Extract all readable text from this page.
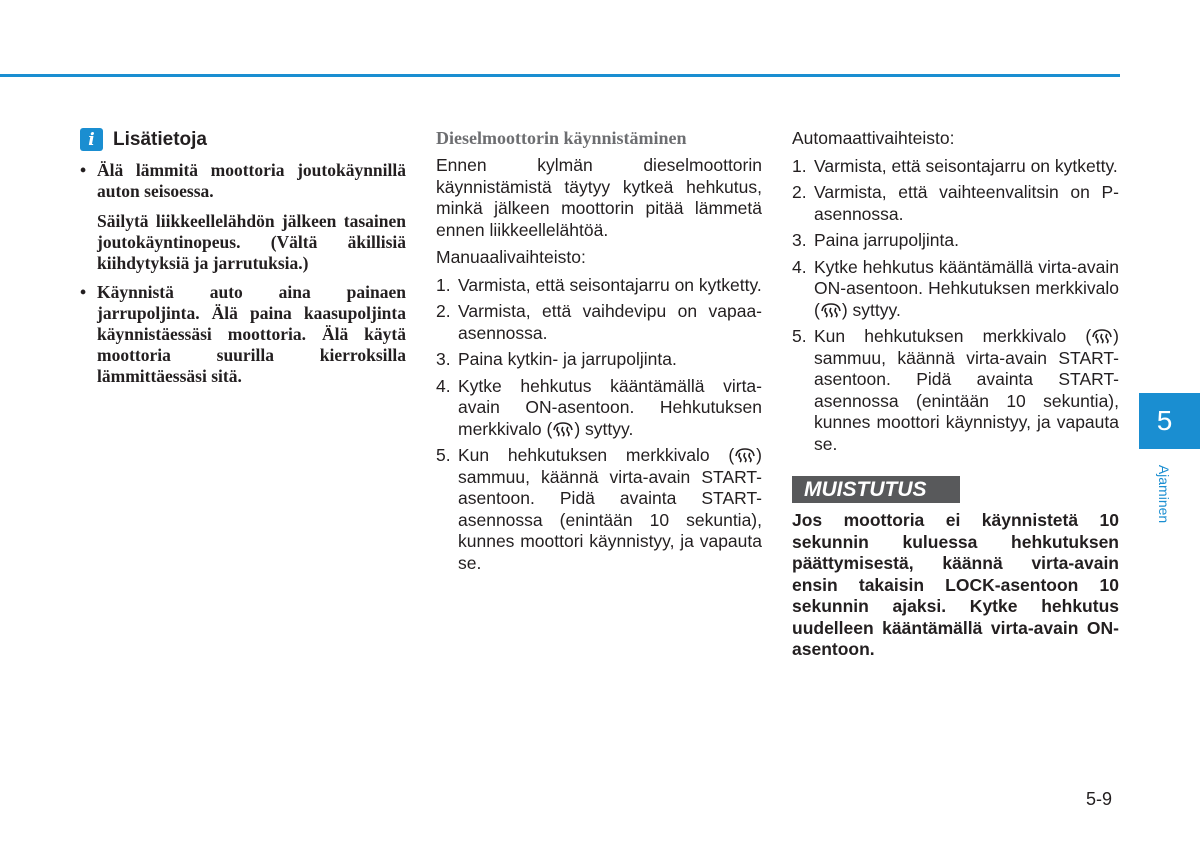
i Lisätietoja
• Älä lämmitä moottoria joutokäynnillä auton seisoessa.
Säilytä liikkeellelähdön jälkeen tasainen joutokäyntinopeus. (Vältä äkillisiä kiihdytyksiä ja jarrutuksia.)
• Käynnistä auto aina painaen jarrupoljinta. Älä paina kaasupoljinta käynnistäessäsi moottoria. Älä käytä moottoria suurilla kierroksilla lämmittäessäsi sitä.
Dieselmoottorin käynnistäminen
Ennen kylmän dieselmoottorin käynnistämistä täytyy kytkeä hehkutus, minkä jälkeen moottorin pitää lämmetä ennen liikkeellelähtöä.
Manuaalivaihteisto:
1. Varmista, että seisontajarru on kytketty.
2. Varmista, että vaihdevipu on vapaa-asennossa.
3. Paina kytkin- ja jarrupoljinta.
4. Kytke hehkutus kääntämällä virta-avain ON-asentoon. Hehkutuksen merkkivalo ( ) syttyy.
5. Kun hehkutuksen merkkivalo ( ) sammuu, käännä virta-avain START-asentoon. Pidä avainta START-asennossa (enintään 10 sekuntia), kunnes moottori käynnistyy, ja vapauta se.
Automaattivaihteisto:
1. Varmista, että seisontajarru on kytketty.
2. Varmista, että vaihteenvalitsin on P-asennossa.
3. Paina jarrupoljinta.
4. Kytke hehkutus kääntämällä virta-avain ON-asentoon. Hehkutuksen merkkivalo ( ) syttyy.
5. Kun hehkutuksen merkkivalo ( ) sammuu, käännä virta-avain START-asentoon. Pidä avainta START-asennossa (enintään 10 sekuntia), kunnes moottori käynnistyy, ja vapauta se.
MUISTUTUS
Jos moottoria ei käynnistetä 10 sekunnin kuluessa hehkutuksen päättymisestä, käännä virta-avain ensin takaisin LOCK-asentoon 10 sekunnin ajaksi. Kytke hehkutus uudelleen kääntämällä virta-avain ON-asentoon.
5
Ajaminen
5-9
